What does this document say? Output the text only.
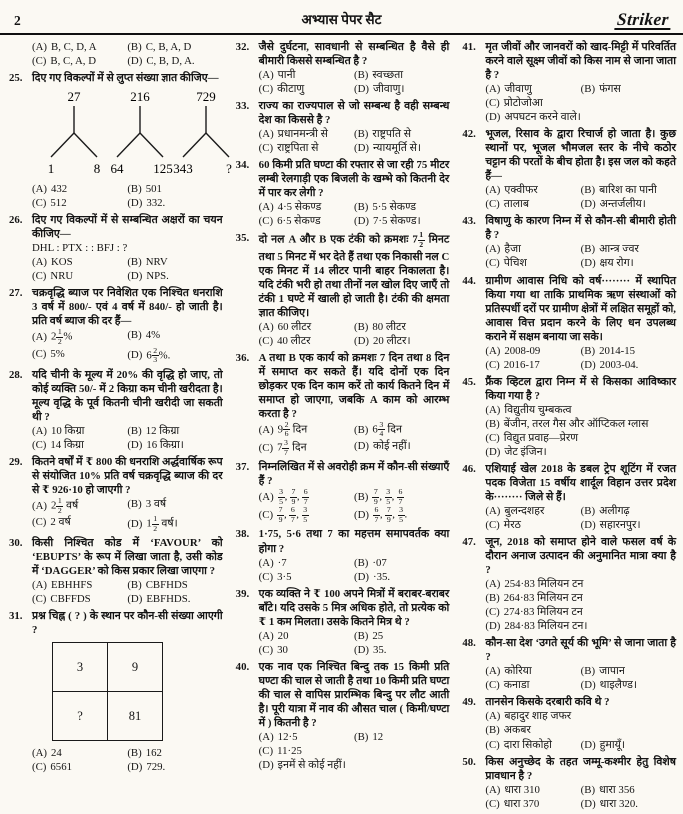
2	अभ्यास पेपर सैट	Striker
(A) B, C, D, A	(B) C, B, A, D
(C) B, C, A, D	(D) C, B, D, A.
25. दिए गए विकल्पों में से लुप्त संख्या ज्ञात कीजिए—
27
1	8
216
64 125
729
343	?
(A) 432	(B) 501
(C) 512	(D) 332.
26. दिए गए विकल्पों में से सम्बन्धित अक्षरों का चयन कीजिए—
DHL : PTX : : BFJ : ?
(A) KOS	(B) NRV
(C) NRU	(D) NPS.
27. चक्रवृद्धि ब्याज पर निवेशित एक निश्चित धनराशि 3 वर्ष में 800/- एवं 4 वर्ष में 840/- हो जाती है। प्रति वर्ष ब्याज की दर हैं—
(A) $2 \frac{1}{2}$ %	(B) 4%
(C) 5%	(D) $6 \frac{2}{3}$ %.
28. यदि चीनी के मूल्य में 20% की वृद्धि हो जाए, तो कोई व्यक्ति 50/- में 2 किग्रा कम चीनी खरीदता है। मूल्य वृद्धि के पूर्व कितनी चीनी खरीदी जा सकती थी ?
(A) 10 किग्रा	(B) 12 किग्रा
(C) 14 किग्रा	(D) 16 किग्रा।
29. कितने वर्षों में ₹ 800 की धनराशि अर्द्धवार्षिक रूप से संयोजित 10% प्रति वर्ष चक्रवृद्धि ब्याज की दर से ₹ 926·10 हो जाएगी ?
(A) $2 \frac{1}{2}$ वर्ष	(B) 3 वर्ष
(C) 2 वर्ष	(D) $1 \frac{1}{2}$ वर्ष।
30. किसी निश्चित कोड में ‘FAVOUR’ को ‘EBUPTS’ के रूप में लिखा जाता है, उसी कोड में ‘DAGGER’ को किस प्रकार लिखा जाएगा ?
(A) EBHHFS	(B) CBFHDS
(C) CBFFDS	(D) EBFHDS.
31. प्रश्न चिह्न ( ? ) के स्थान पर कौन-सी संख्या आएगी ?
3	9
?	81
(A) 24	(B) 162
(C) 6561	(D) 729.
32. जैसे दुर्घटना, सावधानी से सम्बन्धित है वैसे ही बीमारी किससे सम्बन्धित है ?
(A) पानी	(B) स्वच्छता
(C) कीटाणु	(D) जीवाणु।
33. राज्य का राज्यपाल से जो सम्बन्ध है वही सम्बन्ध देश का किससे है ?
(A) प्रधानमन्त्री से (B) राष्ट्रपति से
(C) राष्ट्रपिता से	(D) न्यायमूर्ति से।
34. 60 किमी प्रति घण्टा की रफ्तार से जा रही 75 मीटर लम्बी रेलगाड़ी एक बिजली के खम्भे को कितनी देर में पार कर लेगी ?
(A) 4·5 सेकण्ड	(B) 5·5 सेकण्ड
(C) 6·5 सेकण्ड	(D) 7·5 सेकण्ड।
35. दो नल A और B एक टंकी को क्रमशः $7 \frac{1}{2}$ मिनट तथा 5 मिनट में भर देते हैं तथा एक निकासी नल C एक मिनट में 14 लीटर पानी बाहर निकालता है। यदि टंकी भरी हो तथा तीनों नल खोल दिए जाएँ तो टंकी 1 घण्टे में खाली हो जाती है। टंकी की क्षमता ज्ञात कीजिए।
(A) 60 लीटर	(B) 80 लीटर
(C) 40 लीटर	(D) 20 लीटर।
36. A तथा B एक कार्य को क्रमशः 7 दिन तथा 8 दिन में समाप्त कर सकते हैं। यदि दोनों एक दिन छोड़कर एक दिन काम करें तो कार्य कितने दिन में समाप्त हो जाएगा, जबकि A काम को आरम्भ करता है ?
(A) $9 \frac{2}{6}$ दिन	(B) $6 \frac{3}{4}$ दिन
(C) $7 \frac{3}{7}$ दिन	(D) कोई नहीं।
37. निम्नलिखित में से अवरोही क्रम में कौन-सी संख्याएँ हैं ?
$(A) \frac{3}{5}$ , $\frac{7}{9}$ , $\frac{6}{7}$	$(B) \frac{7}{9}$ , $\frac{3}{5}$ , $\frac{6}{7}$
$(C) \frac{7}{9}$ , $\frac{6}{7}$ , $\frac{3}{5}$	$(D) \frac{6}{7}$ , $\frac{7}{9}$ , $\frac{3}{5}$ .
38. 1·75, 5·6 तथा 7 का महत्तम समापवर्तक क्या होगा ?
(A) ·7	(B) ·07
(C) 3·5	(D) ·35.
39. एक व्यक्ति ने ₹ 100 अपने मित्रों में बराबर-बराबर बाँटे। यदि उसके 5 मित्र अधिक होते, तो प्रत्येक को ₹ 1 कम मिलता। उसके कितने मित्र थे ?
(A) 20	(B) 25
(C) 30	(D) 35.
40. एक नाव एक निश्चित बिन्दु तक 15 किमी प्रति घण्टा की चाल से जाती है तथा 10 किमी प्रति घण्टा की चाल से वापिस प्रारम्भिक बिन्दु पर लौट आती है। पूरी यात्रा में नाव की औसत चाल ( किमी/घण्टा में ) कितनी है ?
(A) 12·5	(B) 12
(C) 11·25
(D) इनमें से कोई नहीं।
41. मृत जीवों और जानवरों को खाद-मिट्टी में परिवर्तित करने वाले सूक्ष्म जीवों को किस नाम से जाना जाता है ?
(A) जीवाणु	(B) फंगस
(C) प्रोटोजोआ
(D) अपघटन करने वाले।
42. भूजल, रिसाव के द्वारा रिचार्ज हो जाता है। कुछ स्थानों पर, भूजल भौमजल स्तर के नीचे कठोर चट्टान की परतों के बीच होता है। इस जल को कहते हैं—
(A) एक्वीफर	(B) बारिश का पानी
(C) तालाब	(D) अन्तर्जलीय।
43. विषाणु के कारण निम्न में से कौन-सी बीमारी होती है ?
(A) हैजा	(B) आन्त्र ज्वर
(C) पेचिश	(D) क्षय रोग।
44. ग्रामीण आवास निधि को वर्ष········ में स्थापित किया गया था ताकि प्राथमिक ऋण संस्थाओं को प्रतिस्पर्धी दरों पर ग्रामीण क्षेत्रों में लक्षित समूहों को, आवास वित्त प्रदान करने के लिए धन उपलब्ध कराने में सक्षम बनाया जा सके।
(A) 2008-09	(B) 2014-15
(C) 2016-17	(D) 2003-04.
45. फ्रैंक व्हिटल द्वारा निम्न में से किसका आविष्कार किया गया है ?
(A) विद्युतीय चुम्बकत्व
(B) बेंजीन, तरल गैस और ऑप्टिकल ग्लास
(C) विद्युत प्रवाह—प्रेरण
(D) जेट इंजिन।
46. एशियाई खेल 2018 के डबल ट्रेप शूटिंग में रजत पदक विजेता 15 वर्षीय शार्दूल विहान उत्तर प्रदेश के········ जिले से हैं।
(A) बुलन्दशहर	(B) अलीगढ़
(C) मेरठ	(D) सहारनपुर।
47. जून, 2018 को समाप्त होने वाले फसल वर्ष के दौरान अनाज उत्पादन की अनुमानित मात्रा क्या है ?
(A) 254·83 मिलियन टन
(B) 264·83 मिलियन टन
(C) 274·83 मिलियन टन
(D) 284·83 मिलियन टन।
48. कौन-सा देश ‘उगते सूर्य की भूमि’ से जाना जाता है ?
(A) कोरिया	(B) जापान
(C) कनाडा	(D) थाइलैण्ड।
49. तानसेन किसके दरबारी कवि थे ?
(A) बहादुर शाह जफर
(B) अकबर
(C) दारा सिकोहो	(D) हुमायूँ।
50. किस अनुच्छेद के तहत जम्मू-कश्मीर हेतु विशेष प्रावधान है ?
(A) धारा 310	(B) धारा 356
(C) धारा 370	(D) धारा 320.
